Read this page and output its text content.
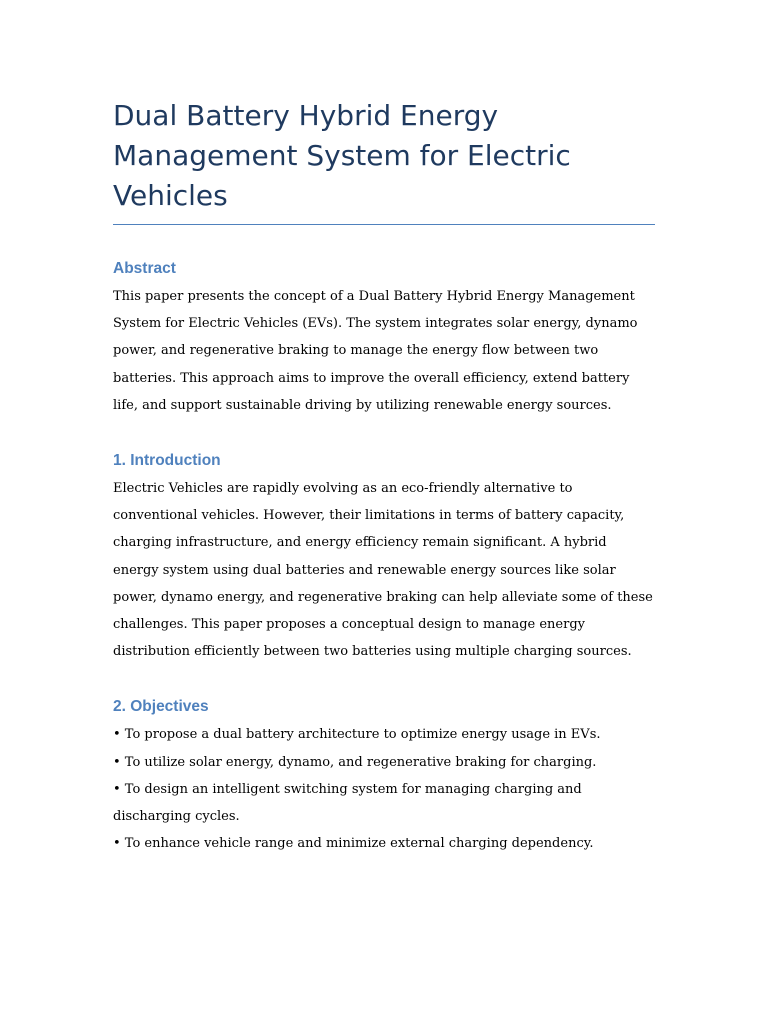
Dual Battery Hybrid Energy Management System for Electric Vehicles
Abstract

This paper presents the concept of a Dual Battery Hybrid Energy Management System for Electric Vehicles (EVs). The system integrates solar energy, dynamo power, and regenerative braking to manage the energy flow between two batteries. This approach aims to improve the overall efficiency, extend battery life, and support sustainable driving by utilizing renewable energy sources.

1. Introduction

Electric Vehicles are rapidly evolving as an eco-friendly alternative to conventional vehicles. However, their limitations in terms of battery capacity, charging infrastructure, and energy efficiency remain significant. A hybrid energy system using dual batteries and renewable energy sources like solar power, dynamo energy, and regenerative braking can help alleviate some of these challenges. This paper proposes a conceptual design to manage energy distribution efficiently between two batteries using multiple charging sources.

2. Objectives
• To propose a dual battery architecture to optimize energy usage in EVs.
• To utilize solar energy, dynamo, and regenerative braking for charging.
• To design an intelligent switching system for managing charging and discharging cycles.
• To enhance vehicle range and minimize external charging dependency.
